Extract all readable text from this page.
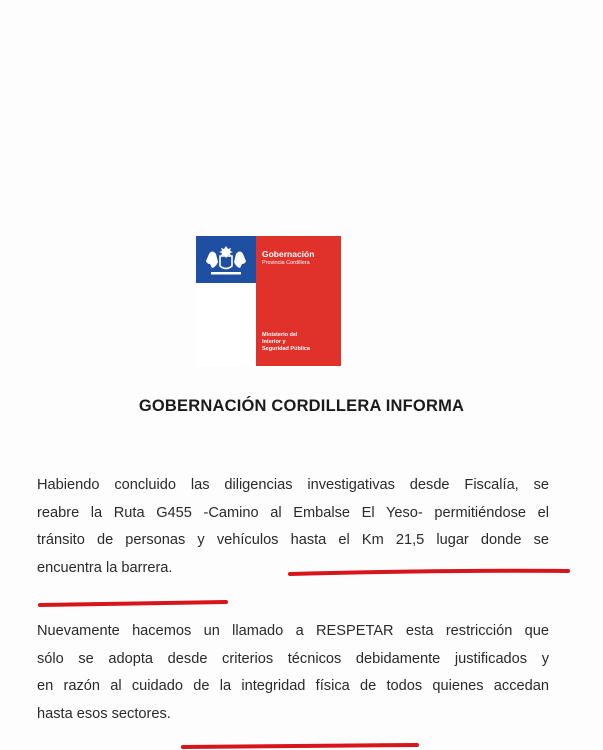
Gobernación
Provincia Cordillera
Ministerio del
Interior y
Seguridad Pública
GOBERNACIÓN CORDILLERA INFORMA
Habiendo concluido las diligencias investigativas desde Fiscalía, se
reabre la Ruta G455 -Camino al Embalse El Yeso- permitiéndose el
tránsito de personas y vehículos hasta el Km 21,5 lugar donde se
encuentra la barrera.
Nuevamente hacemos un llamado a RESPETAR esta restricción que
sólo se adopta desde criterios técnicos debidamente justificados y
en razón al cuidado de la integridad física de todos quienes accedan
hasta esos sectores.
